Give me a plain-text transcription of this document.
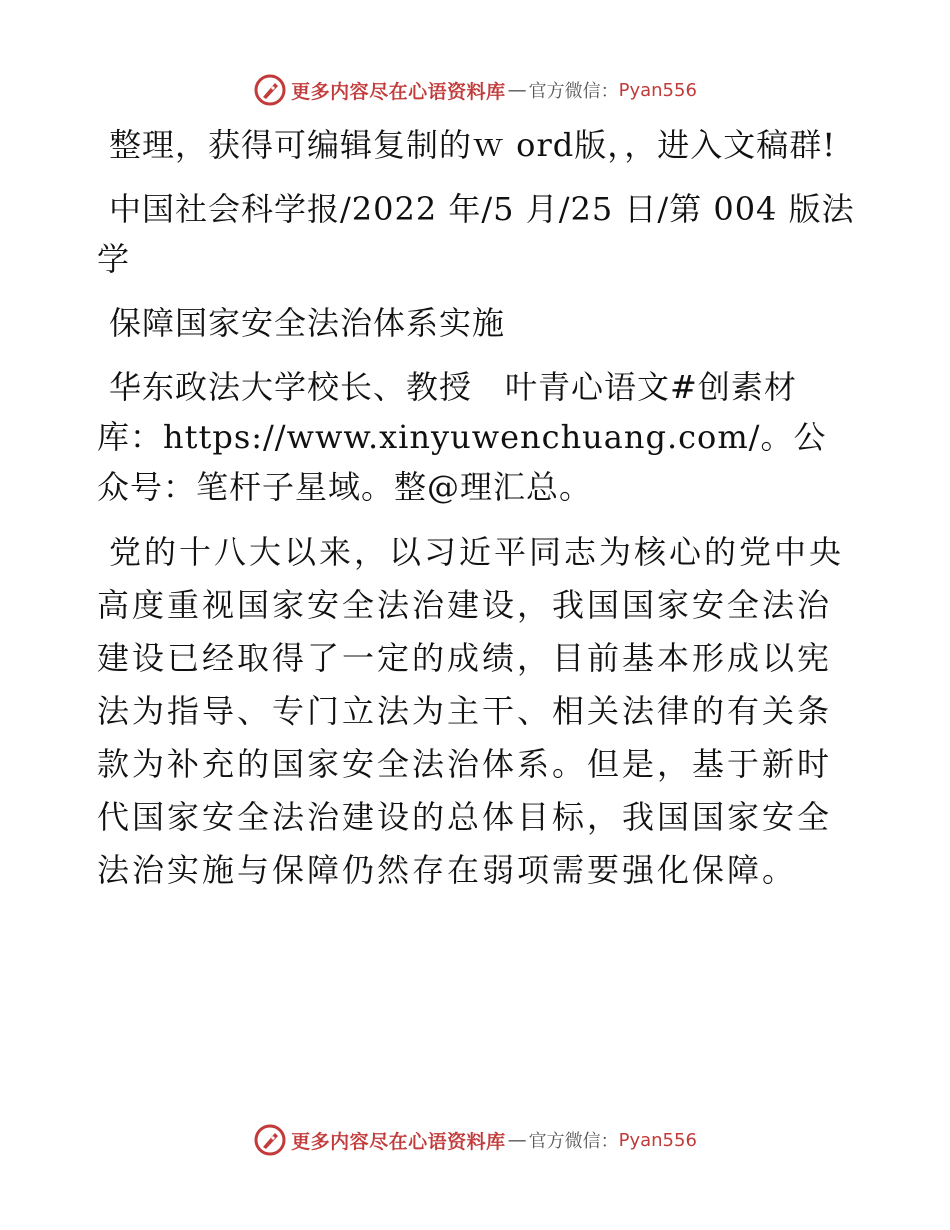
更多内容尽在心语资料库 — 官方微信： Pyan556

整理，获得可编辑复制的ｗ ord版，，进入文稿群!

中国社会科学报/2022 年/5 月/25 日/第 004 版法学

保障国家安全法治体系实施

华东政法大学校长、教授　叶青心语文#创素材库：https://www.xinyuwenchuang.com/。公众号：笔杆子星域。整@理汇总。

党的十八大以来，以习近平同志为核心的党中央高度重视国家安全法治建设，我国国家安全法治建设已经取得了一定的成绩，目前基本形成以宪法为指导、专门立法为主干、相关法律的有关条款为补充的国家安全法治体系。但是，基于新时代国家安全法治建设的总体目标，我国国家安全法治实施与保障仍然存在弱项需要强化保障。

更多内容尽在心语资料库 — 官方微信： Pyan556
